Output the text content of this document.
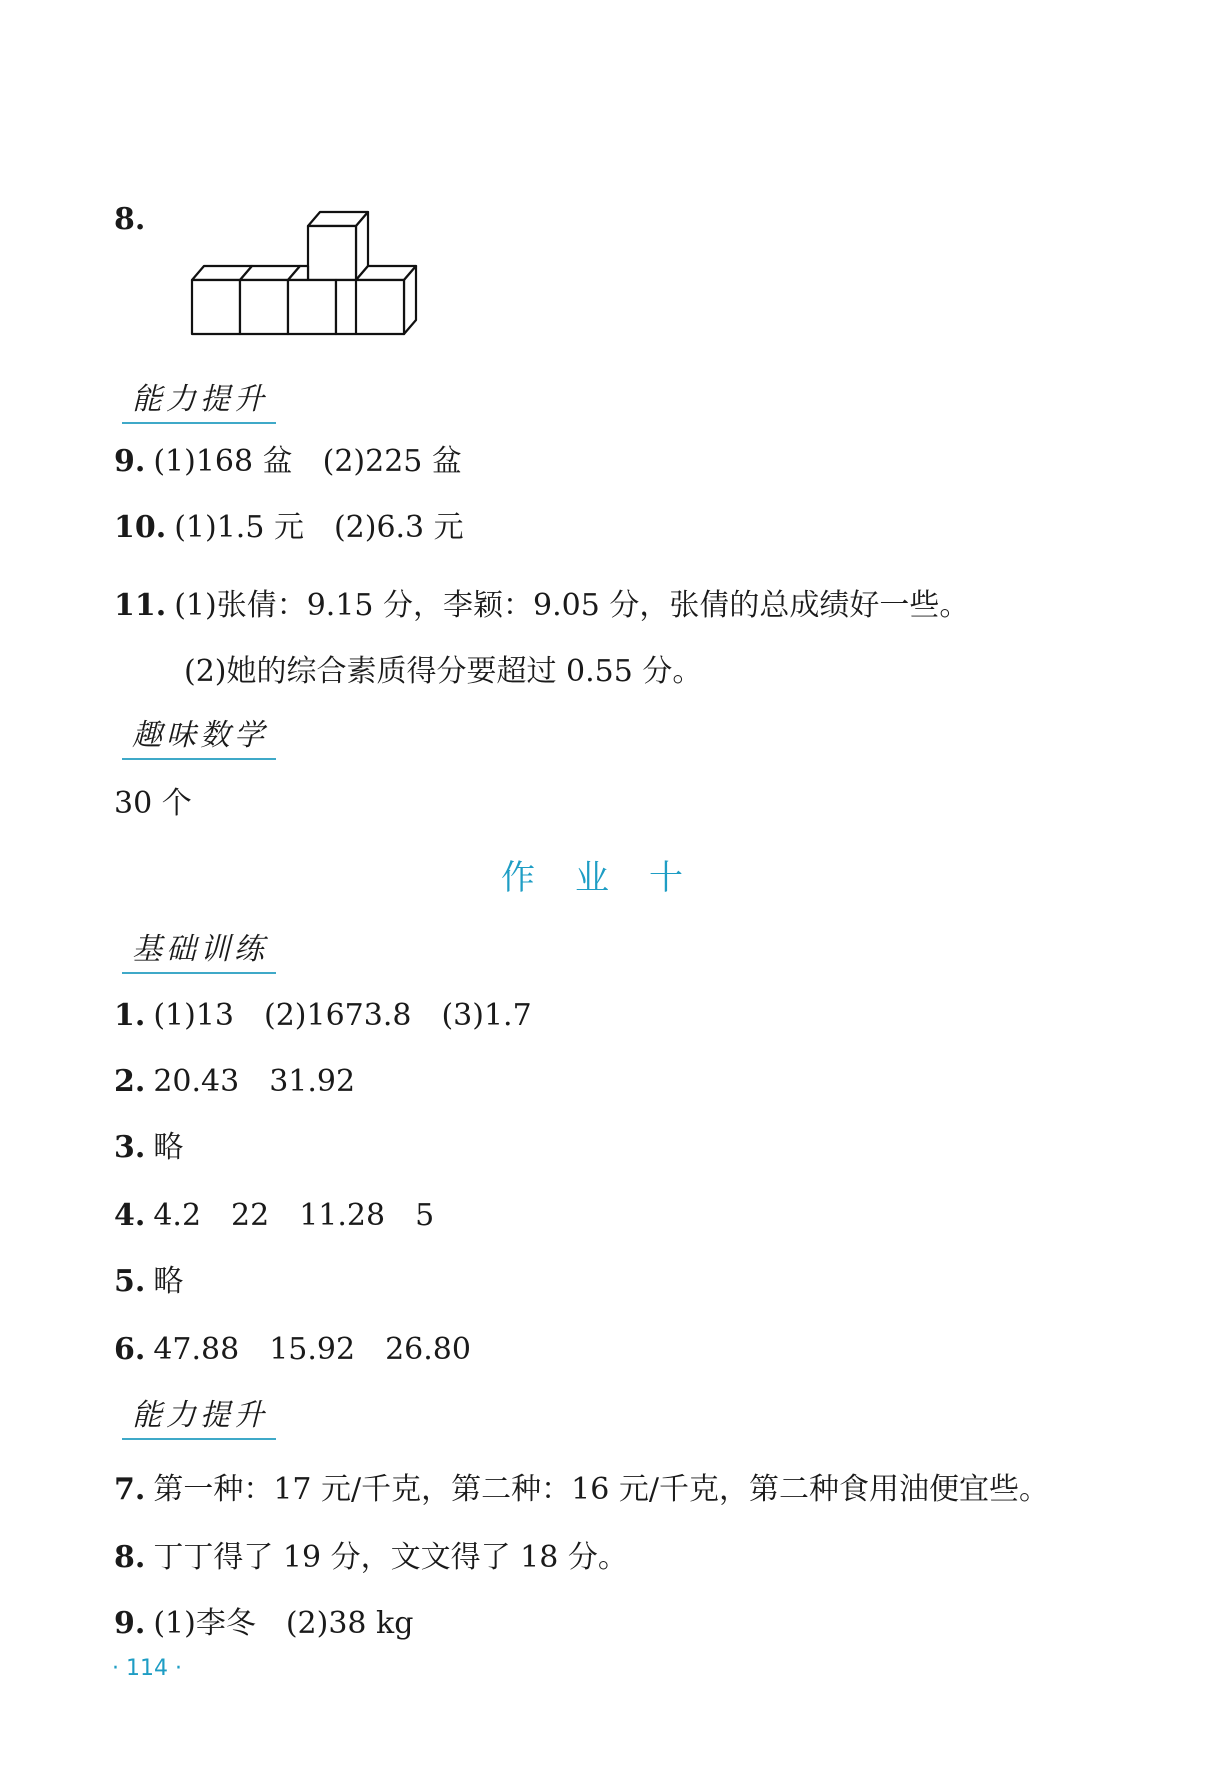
8.
能力提升
9. (1)168 盆　(2)225 盆
10. (1)1.5 元　(2)6.3 元
11. (1)张倩：9.15 分，李颖：9.05 分，张倩的总成绩好一些。
(2)她的综合素质得分要超过 0.55 分。
趣味数学
30 个
作业十
基础训练
1. (1)13　(2)1673.8　(3)1.7
2. 20.43　31.92
3. 略
4. 4.2　22　11.28　5
5. 略
6. 47.88　15.92　26.80
能力提升
7. 第一种：17 元/千克，第二种：16 元/千克，第二种食用油便宜些。
8. 丁丁得了 19 分，文文得了 18 分。
9. (1)李冬　(2)38 kg
· 114 ·
